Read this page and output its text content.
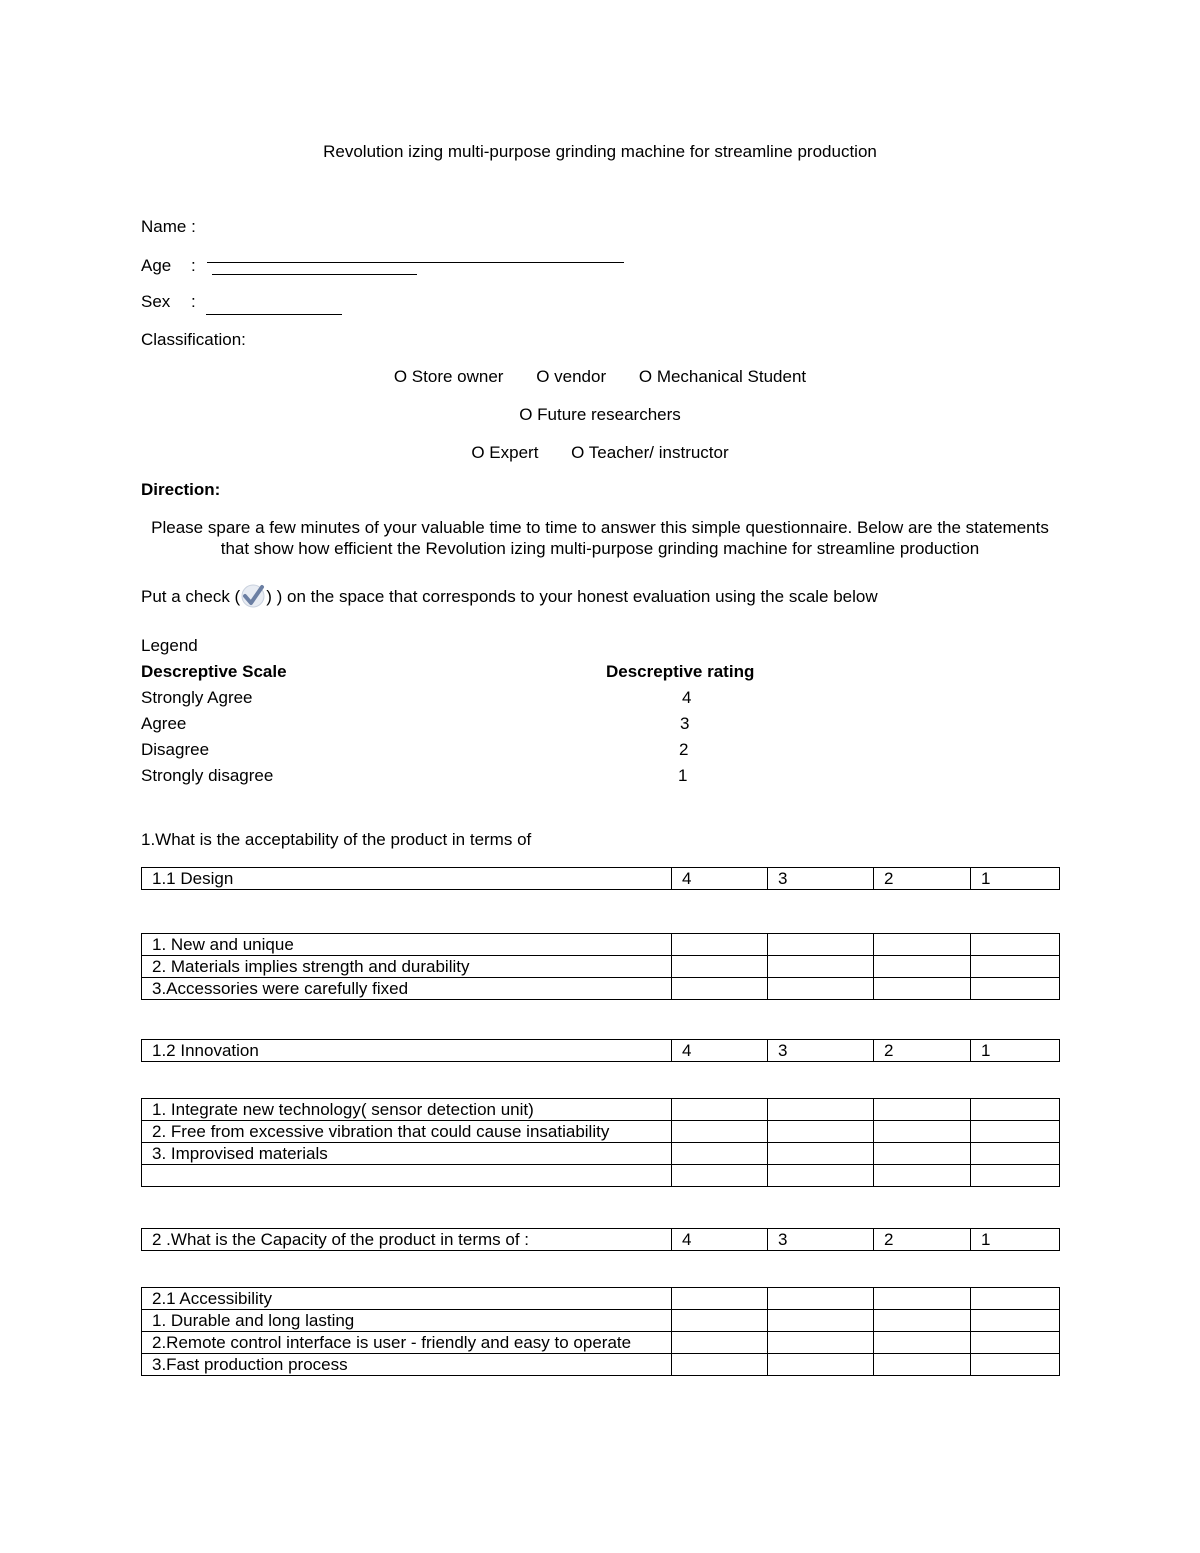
Revolution izing multi-purpose grinding machine for streamline production
Name :
Age :
Sex :
Classification:
O Store owner O vendor O Mechanical Student
O Future researchers
O Expert O Teacher/ instructor
Direction:
Please spare a few minutes of your valuable time to time to answer this simple questionnaire. Below are the statements that show how efficient the Revolution izing multi-purpose grinding machine for streamline production
Put a check ( ) ) on the space that corresponds to your honest evaluation using the scale below
Legend
Descreptive Scale	Descreptive rating
Strongly Agree	4
Agree	3
Disagree	2
Strongly disagree	1
1.What is the acceptability of the product in terms of
1.1 Design	4	3	2	1
1. New and unique				
2. Materials implies strength and durability				
3.Accessories were carefully fixed				
1.2 Innovation	4	3	2	1
1. Integrate new technology( sensor detection unit)				
2. Free from excessive vibration that could cause insatiability				
3. Improvised materials				

2 .What is the Capacity of the product in terms of :	4	3	2	1
2.1 Accessibility				
1. Durable and long lasting				
2.Remote control interface is user - friendly and easy to operate				
3.Fast production process				
